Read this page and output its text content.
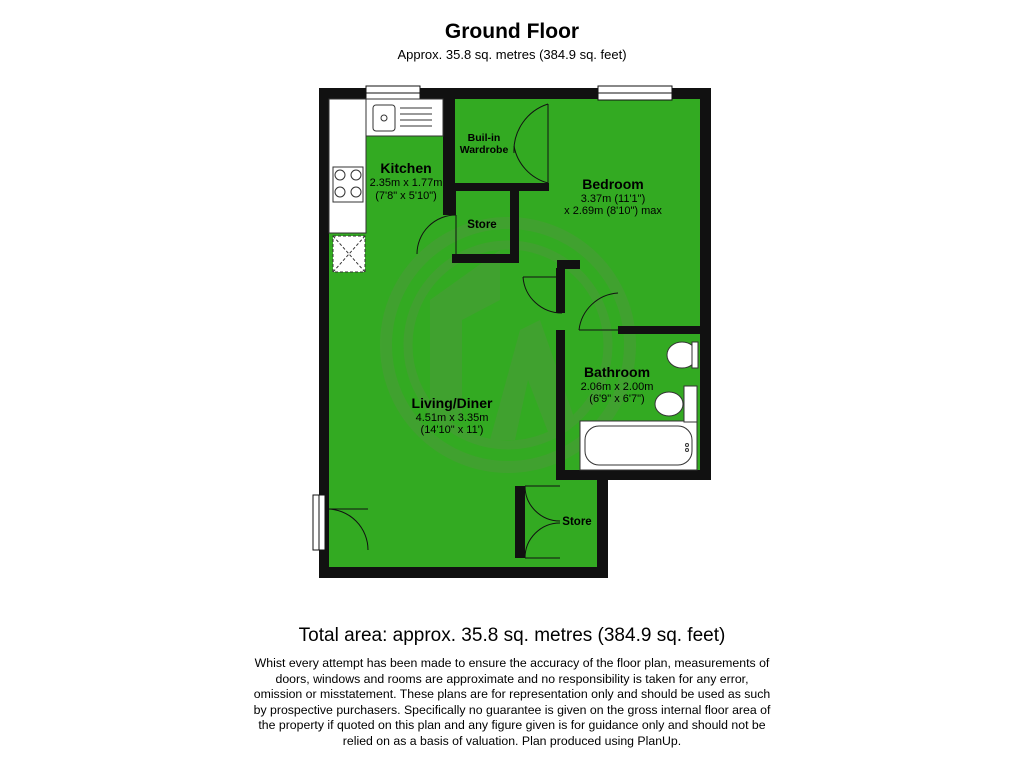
Ground Floor
Approx. 35.8 sq. metres (384.9 sq. feet)
Kitchen
2.35m x 1.77m
(7'8" x 5'10")
Buil-in
Wardrobe
Bedroom
3.37m (11'1")
x 2.69m (8'10") max
Store
Bathroom
2.06m x 2.00m
(6'9" x 6'7")
Living/Diner
4.51m x 3.35m
(14'10" x 11')
Store
Total area: approx. 35.8 sq. metres (384.9 sq. feet)
Whist every attempt has been made to ensure the accuracy of the floor plan, measurements of doors, windows and rooms are approximate and no responsibility is taken for any error, omission or misstatement. These plans are for representation only and should be used as such by prospective purchasers. Specifically no guarantee is given on the gross internal floor area of the property if quoted on this plan and any figure given is for guidance only and should not be relied on as a basis of valuation. Plan produced using PlanUp.
